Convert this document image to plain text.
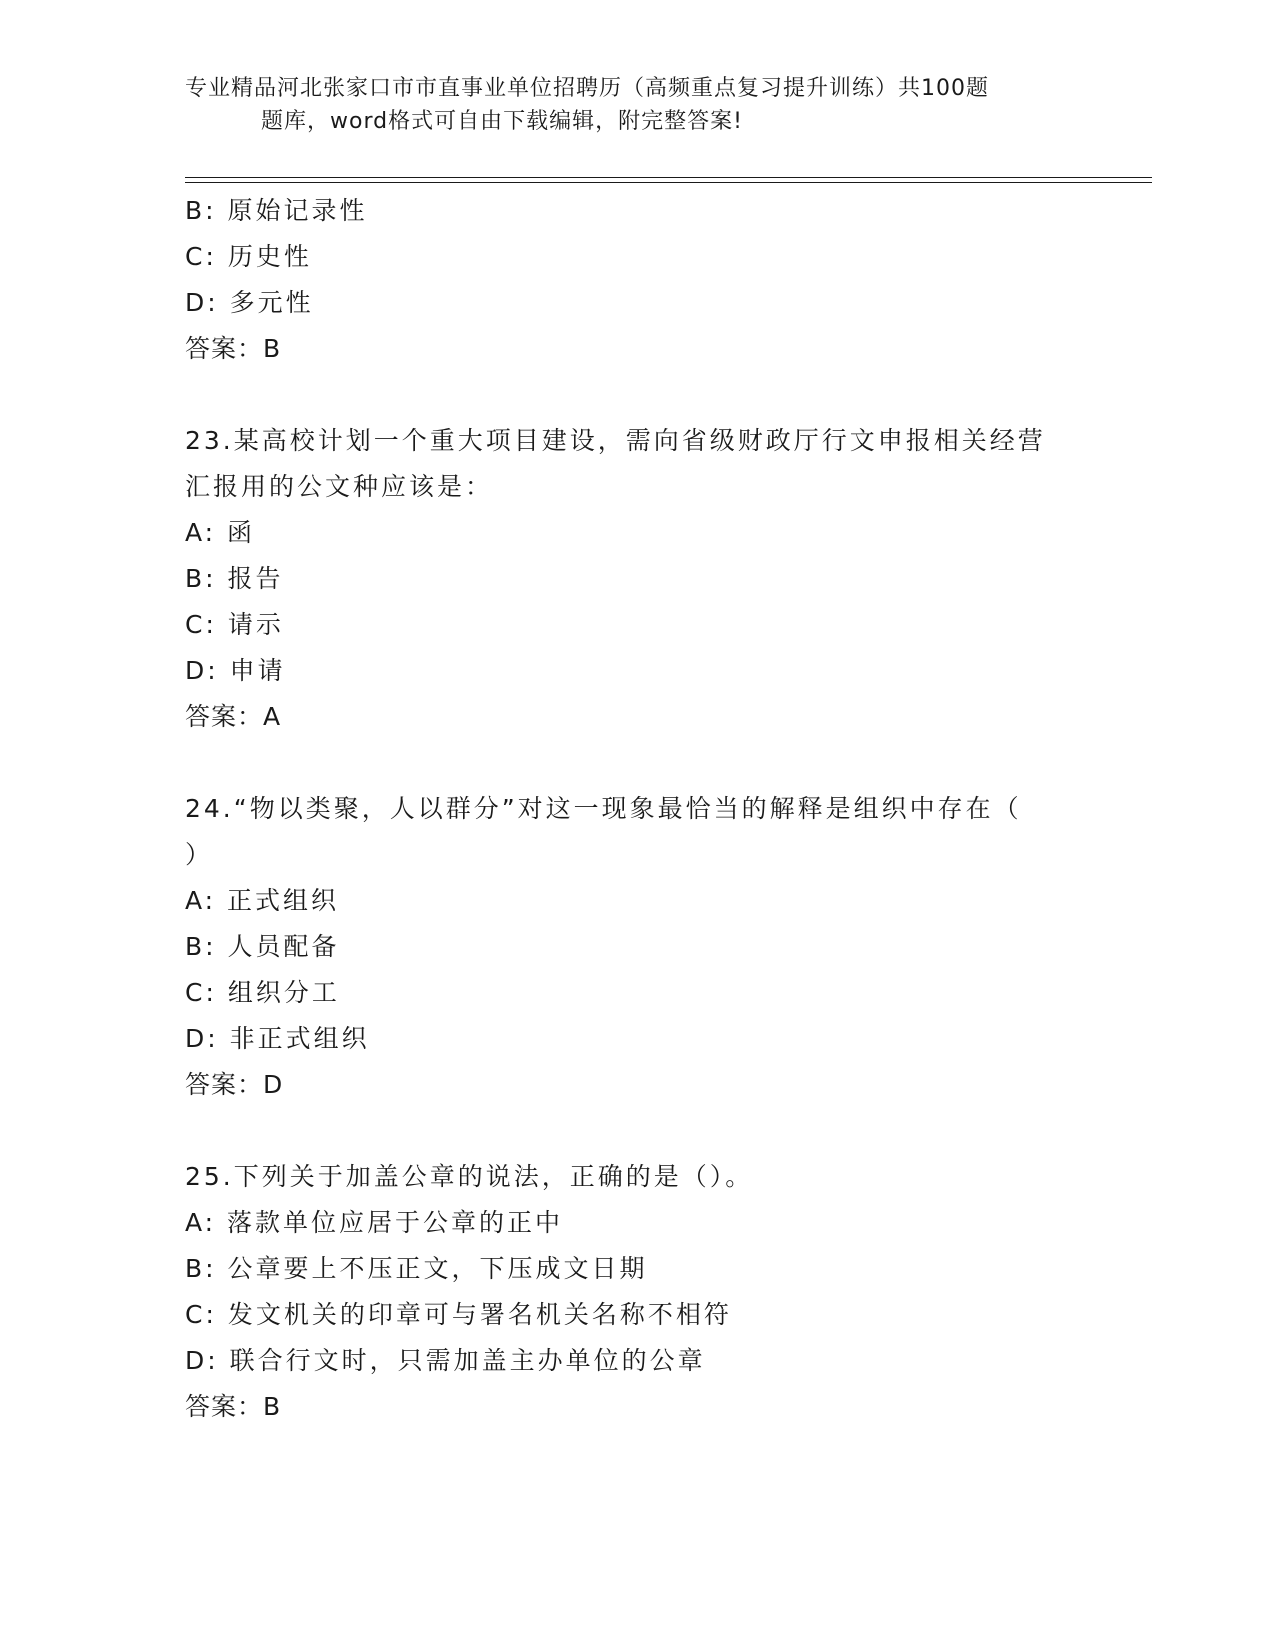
专业精品河北张家口市市直事业单位招聘历（高频重点复习提升训练）共100题
题库，word格式可自由下载编辑，附完整答案!
B: 原始记录性
C: 历史性
D: 多元性
答案：B
23.某高校计划一个重大项目建设，需向省级财政厅行文申报相关经营
汇报用的公文种应该是：
A: 函
B: 报告
C: 请示
D: 申请
答案：A
24.“物以类聚，人以群分”对这一现象最恰当的解释是组织中存在（
）
A: 正式组织
B: 人员配备
C: 组织分工
D: 非正式组织
答案：D
25.下列关于加盖公章的说法，正确的是（）。
A: 落款单位应居于公章的正中
B: 公章要上不压正文，下压成文日期
C: 发文机关的印章可与署名机关名称不相符
D: 联合行文时，只需加盖主办单位的公章
答案：B
